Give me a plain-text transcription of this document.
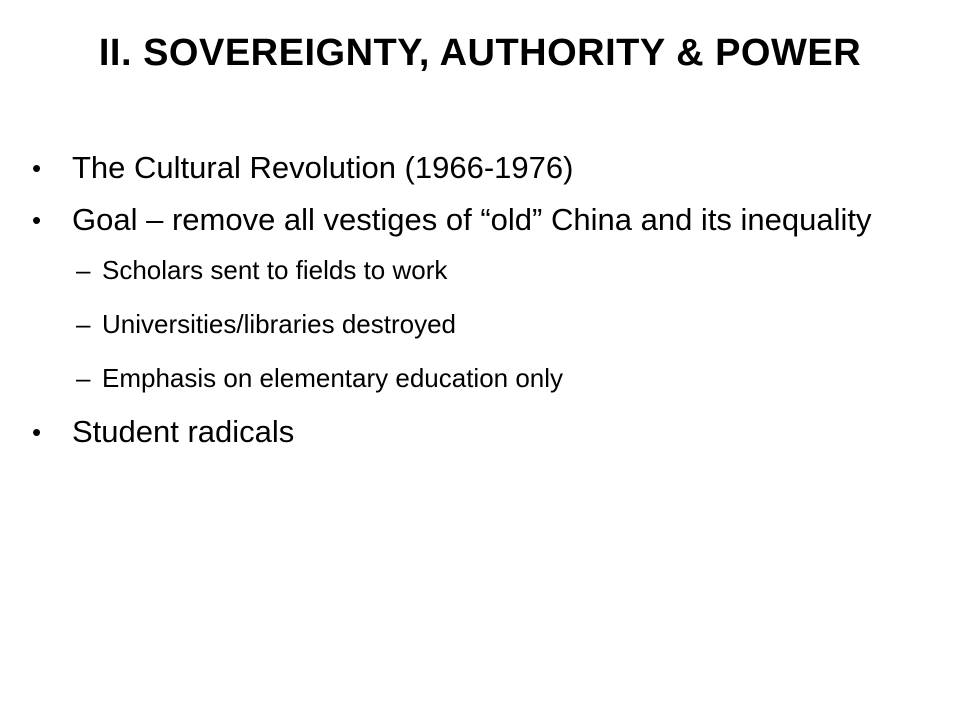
II. SOVEREIGNTY, AUTHORITY & POWER
• The Cultural Revolution (1966-1976)
• Goal – remove all vestiges of “old” China and its inequality
– Scholars sent to fields to work
– Universities/libraries destroyed
– Emphasis on elementary education only
• Student radicals
